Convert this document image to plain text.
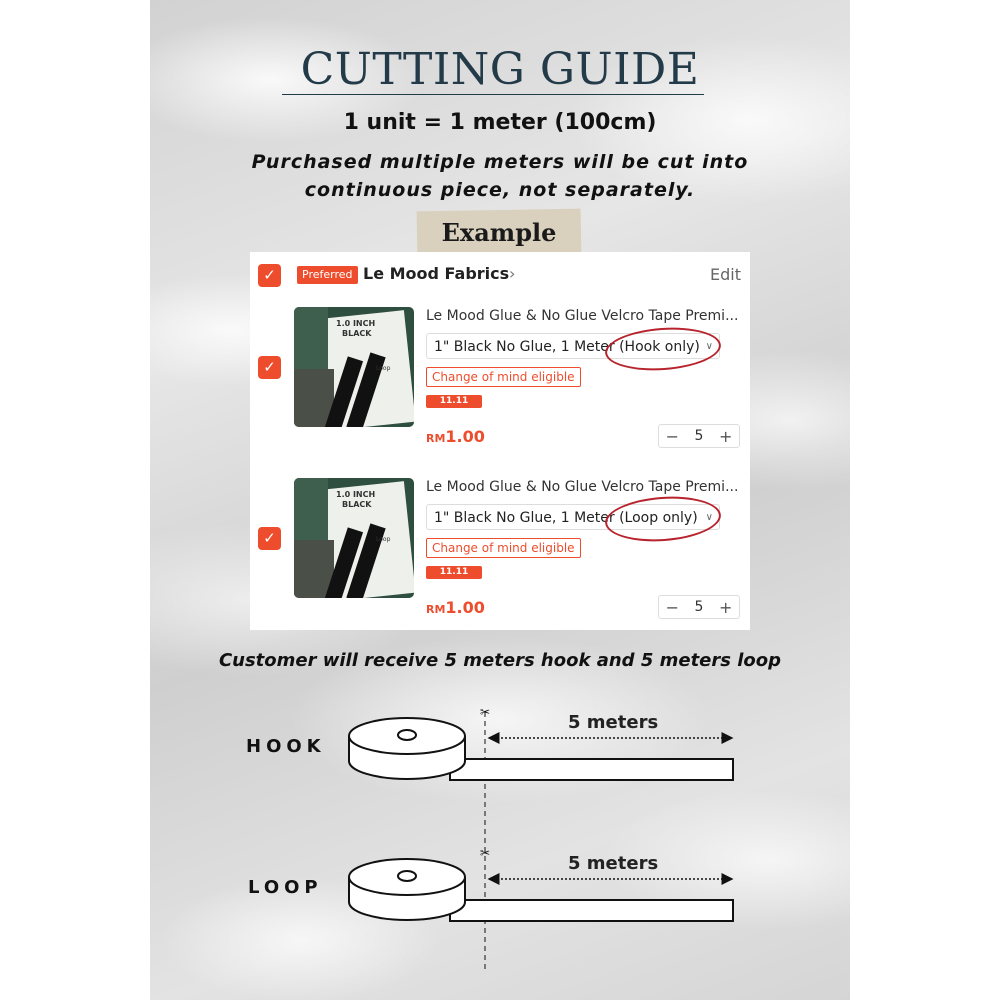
CUTTING GUIDE
1 unit = 1 meter (100cm)
Purchased multiple meters will be cut into
continuous piece, not separately.
Example
✓	Preferred Le Mood Fabrics ›	Edit
✓
1.0 INCH
BLACK
Loop
Le Mood Glue & No Glue Velcro Tape Premi...
1" Black No Glue, 1 Meter (Hook only) ∨
Change of mind eligible
11.11
RM1.00	−	5 +
✓
1.0 INCH
BLACK
Loop
Le Mood Glue & No Glue Velcro Tape Premi...
1" Black No Glue, 1 Meter (Loop only) ∨
Change of mind eligible
11.11
RM1.00	−	5 +
Customer will receive 5 meters hook and 5 meters loop
✂
✂
HOOK
LOOP
5 meters
5 meters
